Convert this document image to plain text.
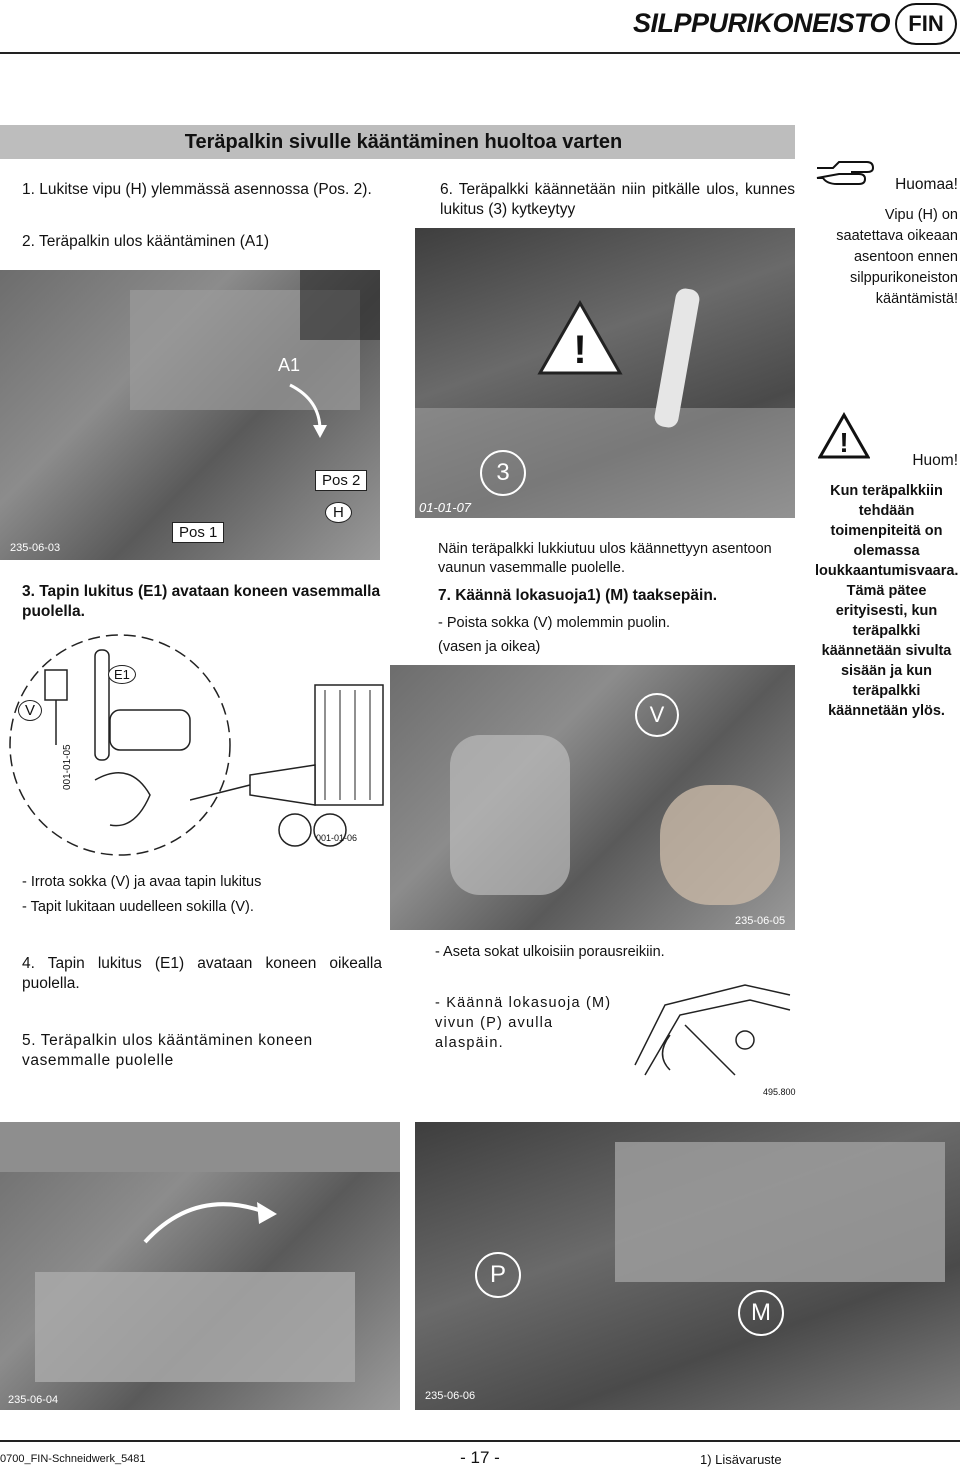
SILPPURIKONEISTO FIN
Teräpalkin sivulle kääntäminen huoltoa varten
1. Lukitse vipu (H) ylemmässä asennossa (Pos. 2).
2. Teräpalkin ulos kääntäminen (A1)
A1
Pos 2
Pos 1
H
235-06-03
3. Tapin lukitus (E1) avataan koneen vasemmalla puolella.
V
E1
001-01-05
001-01-06
6. Teräpalkki käännetään niin pitkälle ulos, kunnes lukitus (3) kytkeytyy
!
3
01-01-07
Näin teräpalkki lukkiutuu ulos käännettyyn asentoon vaunun vasemmalle puolelle.
7. Käännä lokasuoja1) (M) taaksepäin.
- Poista sokka (V) molemmin puolin.
(vasen ja oikea)
V
235-06-05
Huomaa!
Vipu (H) on saatettava oikeaan asentoon ennen silppurikoneiston kääntämistä!
!
Huom!
Kun teräpalkkiin tehdään toimenpiteitä on olemassa loukkaantumisvaara. Tämä pätee erityisesti, kun teräpalkki käännetään sivulta sisään ja kun teräpalkki käännetään ylös.
- Irrota sokka (V) ja avaa tapin lukitus
- Tapit lukitaan uudelleen sokilla (V).
4. Tapin lukitus (E1) avataan koneen oikealla puolella.
5. Teräpalkin ulos kääntäminen koneen vasemmalle puolelle
- Aseta sokat ulkoisiin porausreikiin.
- Käännä lokasuoja (M) vivun (P) avulla alaspäin.
495.800
235-06-04
P
235-06-06
M
0700_FIN-Schneidwerk_5481	- 17 -	1) Lisävaruste
